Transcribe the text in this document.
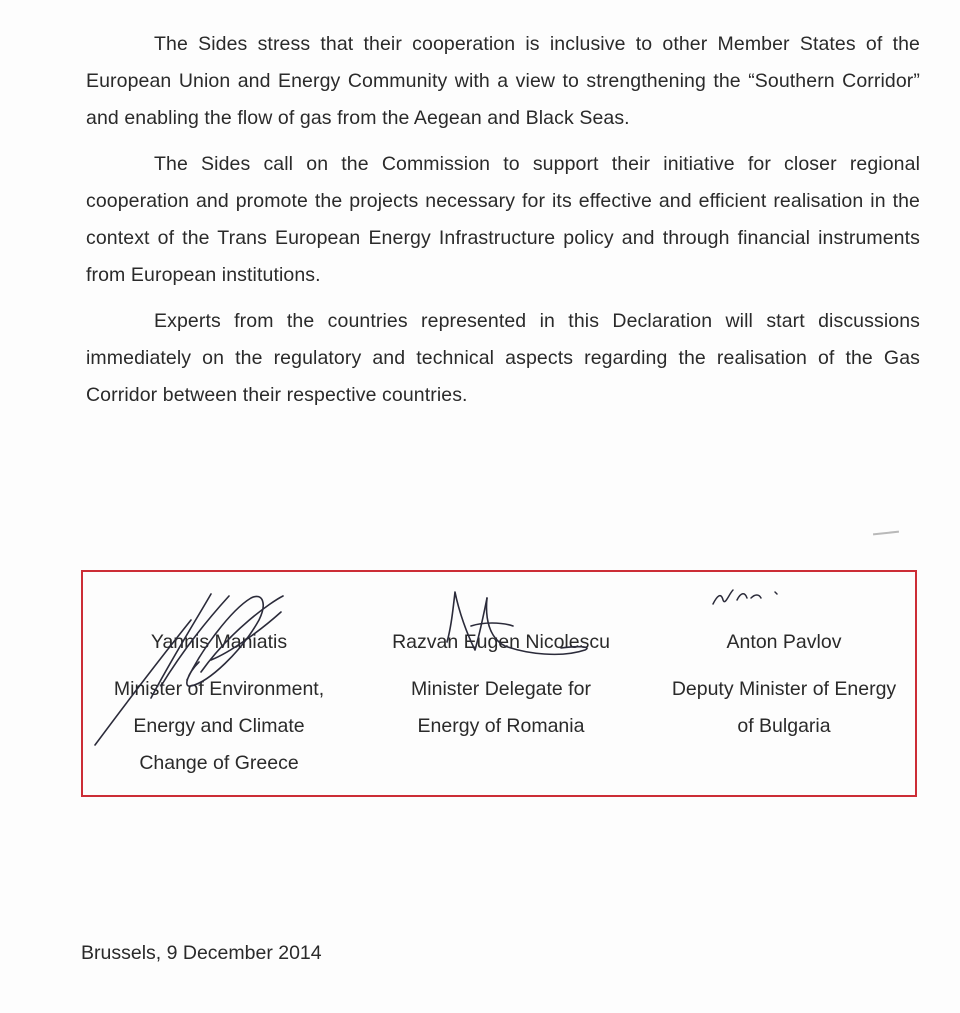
The Sides stress that their cooperation is inclusive to other Member States of the European Union and Energy Community with a view to strengthening the “Southern Corridor” and enabling the flow of gas from the Aegean and Black Seas.

The Sides call on the Commission to support their initiative for closer regional cooperation and promote the projects necessary for its effective and efficient realisation in the context of the Trans European Energy Infrastructure policy and through financial instruments from European institutions.

Experts from the countries represented in this Declaration will start discussions immediately on the regulatory and technical aspects regarding the realisation of the Gas Corridor between their respective countries.

Yannis Maniatis
Minister of Environment,
Energy and Climate
Change of Greece
Razvan Eugen Nicolescu
Minister Delegate for
Energy of Romania
Anton Pavlov
Deputy Minister of Energy
of Bulgaria
Brussels, 9 December 2014
